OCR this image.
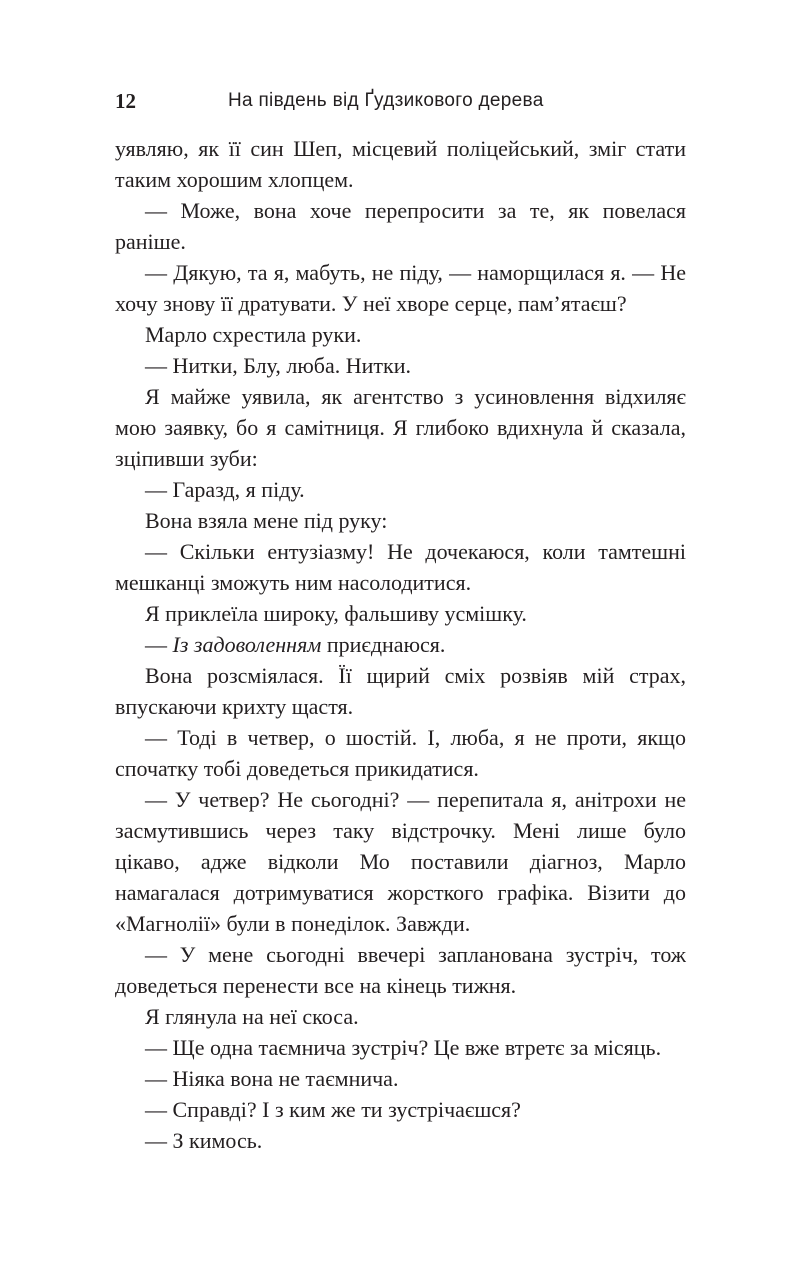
12	На південь від Ґудзикового дерева

уявляю, як її син Шеп, місцевий поліцейський, зміг стати таким хорошим хлопцем.

— Може, вона хоче перепросити за те, як повелася раніше.

— Дякую, та я, мабуть, не піду, — наморщилася я. — Не хочу знову її дратувати. У неї хворе серце, пам’ятаєш?

Марло схрестила руки.

— Нитки, Блу, люба. Нитки.

Я майже уявила, як агентство з усиновлення відхиляє мою заявку, бо я самітниця. Я глибоко вдихнула й сказала, зціпивши зуби:

— Гаразд, я піду.

Вона взяла мене під руку:

— Скільки ентузіазму! Не дочекаюся, коли тамтешні мешканці зможуть ним насолодитися.

Я приклеїла широку, фальшиву усмішку.

— Із задоволенням приєднаюся.

Вона розсміялася. Її щирий сміх розвіяв мій страх, впускаючи крихту щастя.

— Тоді в четвер, о шостій. І, люба, я не проти, якщо спочатку тобі доведеться прикидатися.

— У четвер? Не сьогодні? — перепитала я, анітрохи не засмутившись через таку відстрочку. Мені лише було цікаво, адже відколи Мо поставили діагноз, Марло намагалася дотримуватися жорсткого графіка. Візити до «Магнолії» були в понеділок. Завжди.

— У мене сьогодні ввечері запланована зустріч, тож доведеться перенести все на кінець тижня.

Я глянула на неї скоса.

— Ще одна таємнича зустріч? Це вже втретє за місяць.

— Ніяка вона не таємнича.

— Справді? І з ким же ти зустрічаєшся?

— З кимось.
